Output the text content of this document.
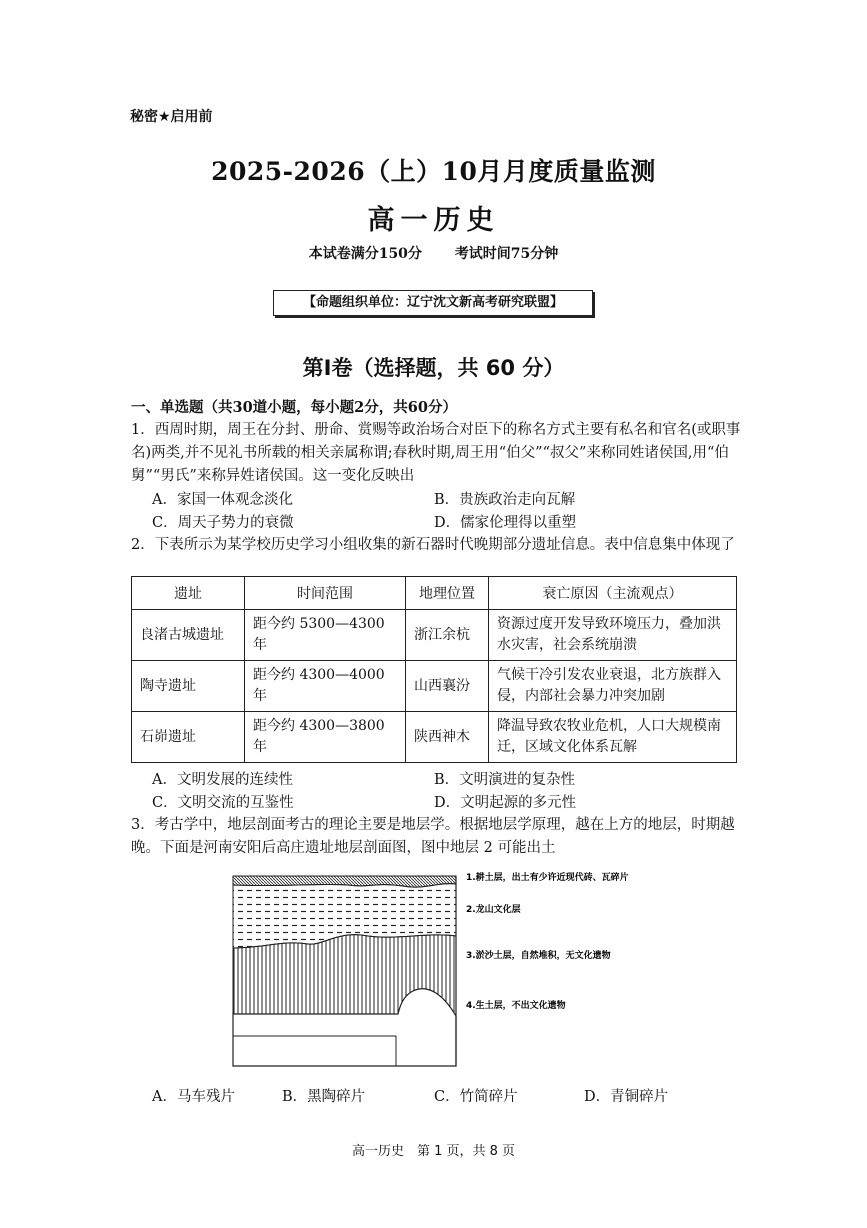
秘密★启用前
2025-2026（上）10月月度质量监测
高一历史
本试卷满分150分 考试时间75分钟
【命题组织单位：辽宁沈文新高考研究联盟】
第Ⅰ卷（选择题，共 60 分）
一、单选题（共30道小题，每小题2分，共60分）
1．西周时期，周王在分封、册命、赏赐等政治场合对臣下的称名方式主要有私名和官名(或职事名)两类,并不见礼书所载的相关亲属称谓;春秋时期,周王用“伯父”“叔父”来称同姓诸侯国,用“伯舅”“男氏”来称异姓诸侯国。这一变化反映出
A．家国一体观念淡化	B．贵族政治走向瓦解
C．周天子势力的衰微	D．儒家伦理得以重塑
2．下表所示为某学校历史学习小组收集的新石器时代晚期部分遗址信息。表中信息集中体现了
遗址	时间范围	地理位置	衰亡原因（主流观点）
良渚古城遗址	距今约 5300—4300 年	浙江余杭	资源过度开发导致环境压力，叠加洪水灾害，社会系统崩溃
陶寺遗址	距今约 4300—4000 年	山西襄汾	气候干冷引发农业衰退，北方族群入侵，内部社会暴力冲突加剧
石峁遗址	距今约 4300—3800 年	陕西神木	降温导致农牧业危机，人口大规模南迁，区域文化体系瓦解
A．文明发展的连续性	B．文明演进的复杂性
C．文明交流的互鉴性	D．文明起源的多元性
3．考古学中，地层剖面考古的理论主要是地层学。根据地层学原理，越在上方的地层，时期越晚。下面是河南安阳后高庄遗址地层剖面图，图中地层 2 可能出土
1.耕土层，出土有少许近现代砖、瓦碎片
2.龙山文化层
3.淤沙土层，自然堆积，无文化遗物
4.生土层，不出文化遗物
A．马车残片	B．黑陶碎片	C．竹简碎片	D．青铜碎片
高一历史　第 1 页，共 8 页
